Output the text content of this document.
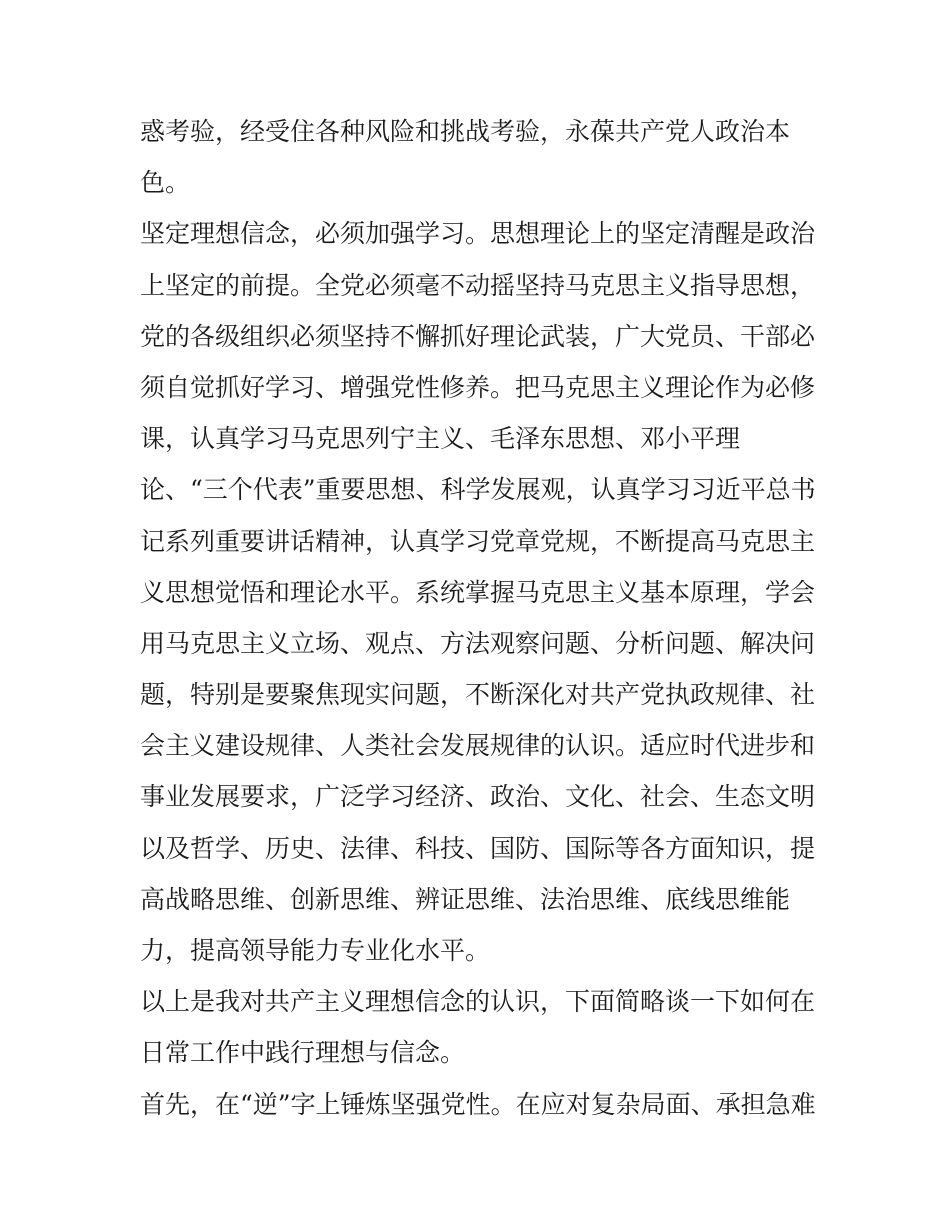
惑考验，经受住各种风险和挑战考验，永葆共产党人政治本
色。
坚定理想信念，必须加强学习。思想理论上的坚定清醒是政治
上坚定的前提。全党必须毫不动摇坚持马克思主义指导思想，
党的各级组织必须坚持不懈抓好理论武装，广大党员、干部必
须自觉抓好学习、增强党性修养。把马克思主义理论作为必修
课，认真学习马克思列宁主义、毛泽东思想、邓小平理
论、“三个代表”重要思想、科学发展观，认真学习习近平总书
记系列重要讲话精神，认真学习党章党规，不断提高马克思主
义思想觉悟和理论水平。系统掌握马克思主义基本原理，学会
用马克思主义立场、观点、方法观察问题、分析问题、解决问
题，特别是要聚焦现实问题，不断深化对共产党执政规律、社
会主义建设规律、人类社会发展规律的认识。适应时代进步和
事业发展要求，广泛学习经济、政治、文化、社会、生态文明
以及哲学、历史、法律、科技、国防、国际等各方面知识，提
高战略思维、创新思维、辨证思维、法治思维、底线思维能
力，提高领导能力专业化水平。
以上是我对共产主义理想信念的认识，下面简略谈一下如何在
日常工作中践行理想与信念。
首先，在“逆”字上锤炼坚强党性。在应对复杂局面、承担急难
